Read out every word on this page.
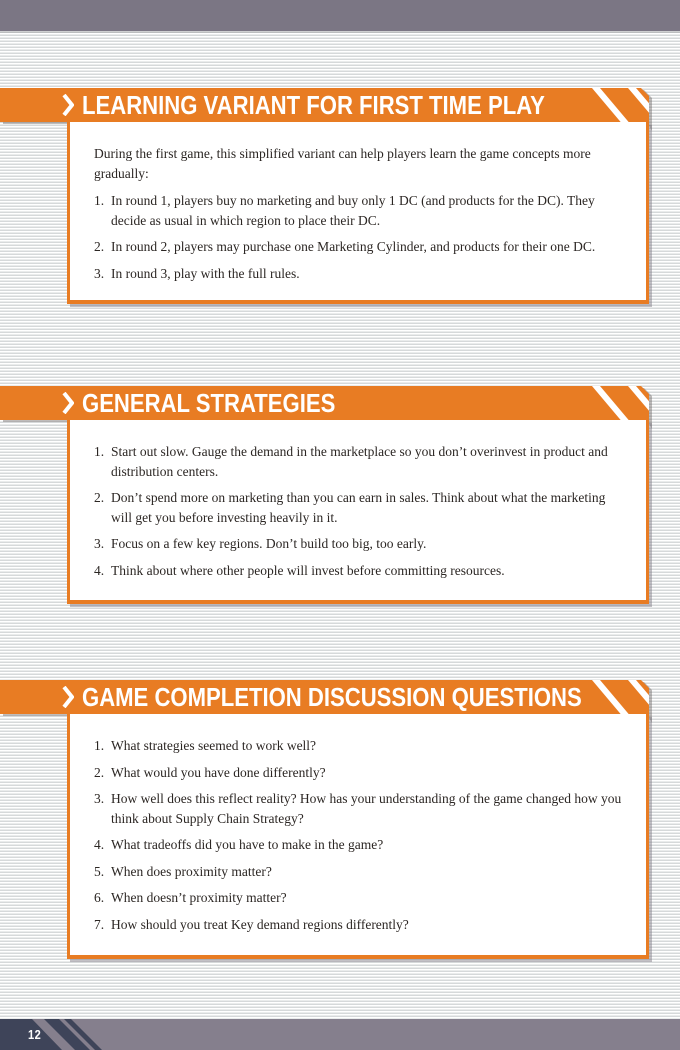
LEARNING VARIANT FOR FIRST TIME PLAY

During the first game, this simplified variant can help players learn the game concepts more gradually:

1. In round 1, players buy no marketing and buy only 1 DC (and products for the DC). They decide as usual in which region to place their DC.
2. In round 2, players may purchase one Marketing Cylinder, and products for their one DC.
3. In round 3, play with the full rules.
GENERAL STRATEGIES
1. Start out slow. Gauge the demand in the marketplace so you don’t overinvest in product and distribution centers.
2. Don’t spend more on marketing than you can earn in sales. Think about what the marketing will get you before investing heavily in it.
3. Focus on a few key regions. Don’t build too big, too early.
4. Think about where other people will invest before committing resources.
GAME COMPLETION DISCUSSION QUESTIONS
1. What strategies seemed to work well?
2. What would you have done differently?
3. How well does this reflect reality? How has your understanding of the game changed how you think about Supply Chain Strategy?
4. What tradeoffs did you have to make in the game?
5. When does proximity matter?
6. When doesn’t proximity matter?
7. How should you treat Key demand regions differently?
12
